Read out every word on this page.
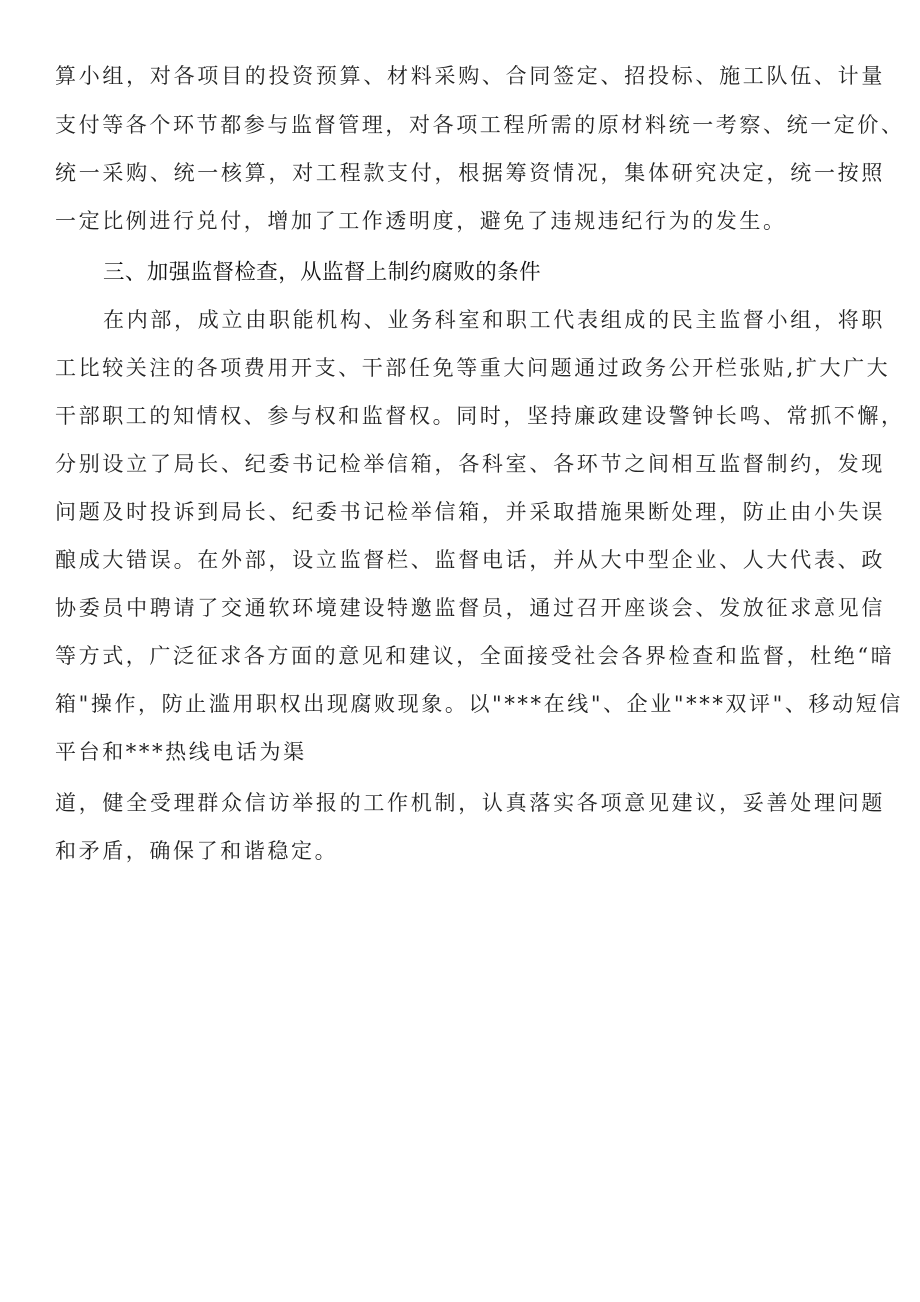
算小组，对各项目的投资预算、材料采购、合同签定、招投标、施工队伍、计量
支付等各个环节都参与监督管理，对各项工程所需的原材料统一考察、统一定价、
统一采购、统一核算，对工程款支付，根据筹资情况，集体研究决定，统一按照
一定比例进行兑付，增加了工作透明度，避免了违规违纪行为的发生。
三、加强监督检查，从监督上制约腐败的条件
在内部，成立由职能机构、业务科室和职工代表组成的民主监督小组，将职
工比较关注的各项费用开支、干部任免等重大问题通过政务公开栏张贴,扩大广大
干部职工的知情权、参与权和监督权。同时，坚持廉政建设警钟长鸣、常抓不懈，
分别设立了局长、纪委书记检举信箱，各科室、各环节之间相互监督制约，发现
问题及时投诉到局长、纪委书记检举信箱，并采取措施果断处理，防止由小失误
酿成大错误。在外部，设立监督栏、监督电话，并从大中型企业、人大代表、政
协委员中聘请了交通软环境建设特邀监督员，通过召开座谈会、发放征求意见信
等方式，广泛征求各方面的意见和建议，全面接受社会各界检查和监督，杜绝“暗
箱"操作，防止滥用职权出现腐败现象。以"***在线"、企业"***双评"、移动短信
平台和***热线电话为渠
道，健全受理群众信访举报的工作机制，认真落实各项意见建议，妥善处理问题
和矛盾，确保了和谐稳定。
